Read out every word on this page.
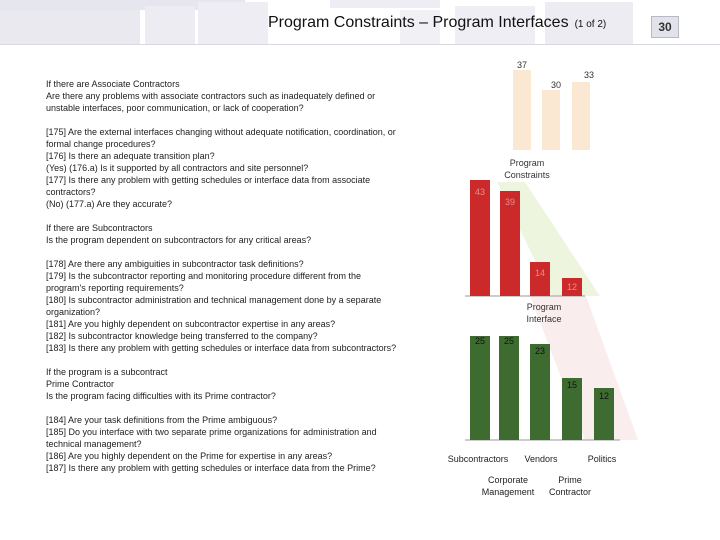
Program Constraints – Program Interfaces (1 of 2)	30
If there are Associate Contractors
Are there any problems with associate contractors such as inadequately defined or
unstable interfaces, poor communication, or lack of cooperation?
[175] Are the external interfaces changing without adequate notification, coordination, or
formal change procedures?
[176] Is there an adequate transition plan?
(Yes) (176.a) Is it supported by all contractors and site personnel?
[177] Is there any problem with getting schedules or interface data from associate
contractors?
(No) (177.a) Are they accurate?
If there are Subcontractors
Is the program dependent on subcontractors for any critical areas?
[178] Are there any ambiguities in subcontractor task definitions?
[179] Is the subcontractor reporting and monitoring procedure different from the
program's reporting requirements?
[180] Is subcontractor administration and technical management done by a separate
organization?
[181] Are you highly dependent on subcontractor expertise in any areas?
[182] Is subcontractor knowledge being transferred to the company?
[183] Is there any problem with getting schedules or interface data from subcontractors?
If the program is a subcontract
Prime Contractor
Is the program facing difficulties with its Prime contractor?
[184] Are your task definitions from the Prime ambiguous?
[185] Do you interface with two separate prime organizations for administration and
technical management?
[186] Are you highly dependent on the Prime for expertise in any areas?
[187] Is there any problem with getting schedules or interface data from the Prime?
37
30
33
Program Constraints
43
39
14
12
Program Interface
25 25
23
15
12
Subcontractors Vendors	Politics
Corporate Management
Prime Contractor
